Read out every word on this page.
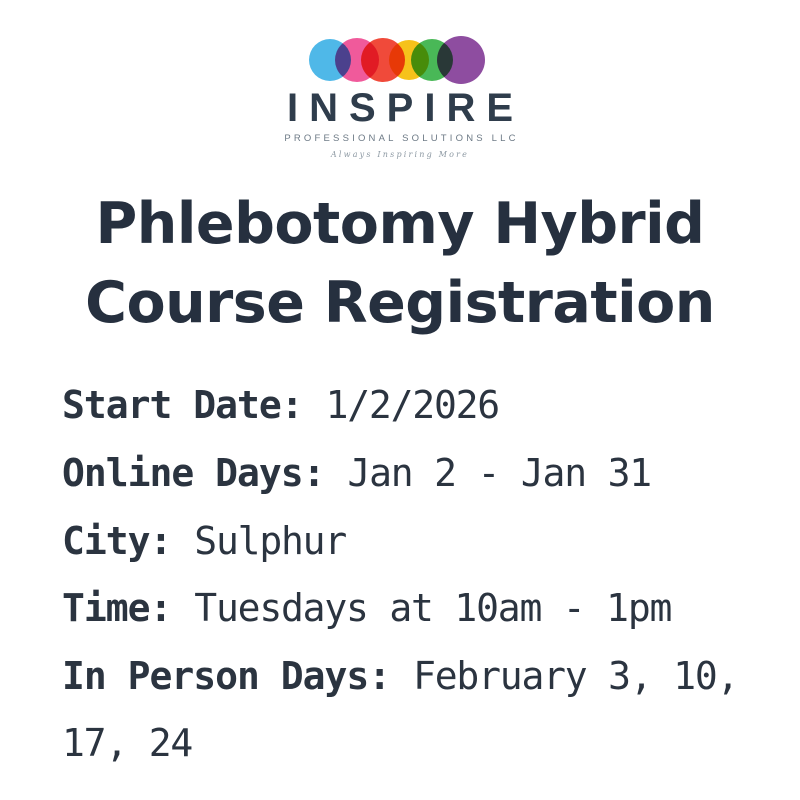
INSPIRE
PROFESSIONAL SOLUTIONS LLC
Always Inspiring More
Phlebotomy Hybrid
Course Registration
Start Date: 1/2/2026
Online Days: Jan 2 - Jan 31
City: Sulphur
Time: Tuesdays at 10am - 1pm
In Person Days: February 3, 10, 17, 24
